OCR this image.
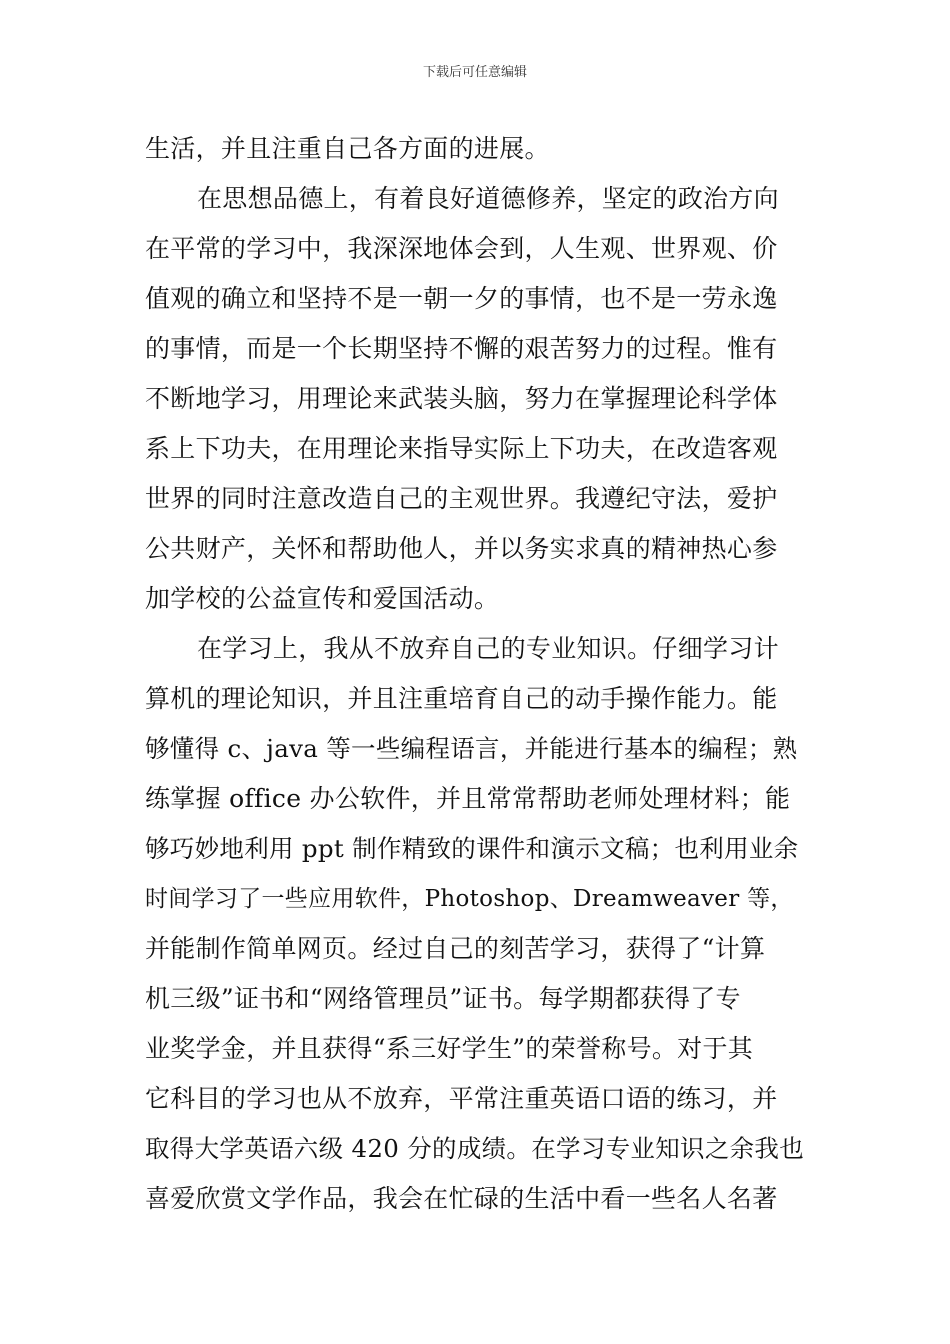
下载后可任意编辑
生活，并且注重自己各方面的进展。
在思想品德上，有着良好道德修养，坚定的政治方向
在平常的学习中，我深深地体会到，人生观、世界观、价
值观的确立和坚持不是一朝一夕的事情，也不是一劳永逸
的事情，而是一个长期坚持不懈的艰苦努力的过程。惟有
不断地学习，用理论来武装头脑，努力在掌握理论科学体
系上下功夫，在用理论来指导实际上下功夫，在改造客观
世界的同时注意改造自己的主观世界。我遵纪守法，爱护
公共财产，关怀和帮助他人，并以务实求真的精神热心参
加学校的公益宣传和爱国活动。
在学习上，我从不放弃自己的专业知识。仔细学习计
算机的理论知识，并且注重培育自己的动手操作能力。能
够懂得 c、java 等一些编程语言，并能进行基本的编程；熟
练掌握 office 办公软件，并且常常帮助老师处理材料；能
够巧妙地利用 ppt 制作精致的课件和演示文稿；也利用业余
时间学习了一些应用软件，Photoshop、Dreamweaver 等，
并能制作简单网页。经过自己的刻苦学习，获得了“计算
机三级”证书和“网络管理员”证书。每学期都获得了专
业奖学金，并且获得“系三好学生”的荣誉称号。对于其
它科目的学习也从不放弃，平常注重英语口语的练习，并
取得大学英语六级 420 分的成绩。在学习专业知识之余我也
喜爱欣赏文学作品，我会在忙碌的生活中看一些名人名著
